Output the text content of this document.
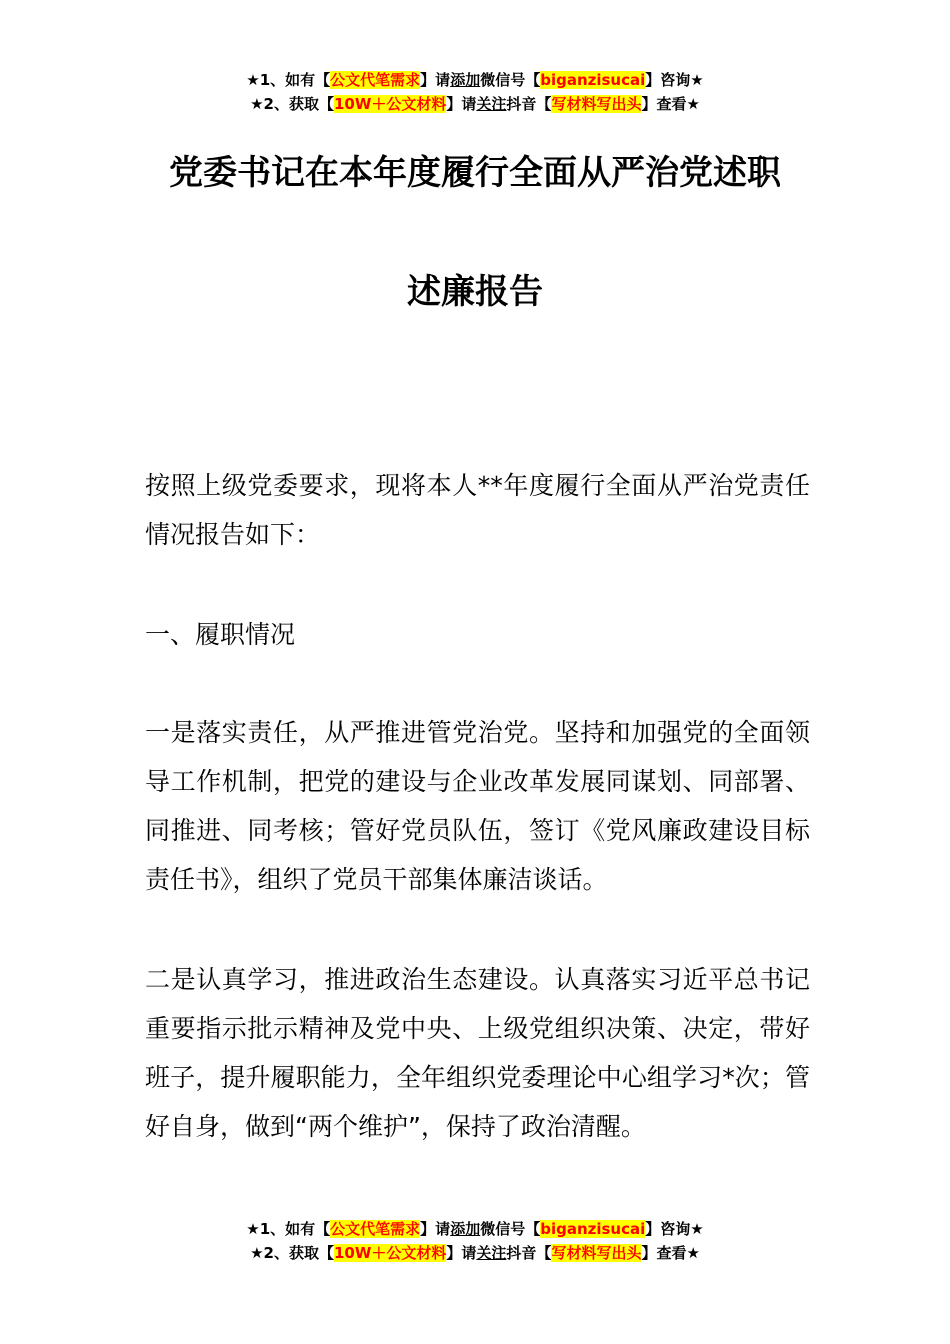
★1、如有【公文代笔需求】请添加微信号【biganzisucai】咨询★
★2、获取【10W＋公文材料】请关注抖音【写材料写出头】查看★
党委书记在本年度履行全面从严治党述职
述廉报告

按照上级党委要求，现将本人**年度履行全面从严治党责任情况报告如下：

一、履职情况

一是落实责任，从严推进管党治党。坚持和加强党的全面领导工作机制，把党的建设与企业改革发展同谋划、同部署、同推进、同考核；管好党员队伍，签订《党风廉政建设目标责任书》，组织了党员干部集体廉洁谈话。

二是认真学习，推进政治生态建设。认真落实习近平总书记重要指示批示精神及党中央、上级党组织决策、决定，带好班子，提升履职能力，全年组织党委理论中心组学习*次；管好自身，做到“两个维护”，保持了政治清醒。

★1、如有【公文代笔需求】请添加微信号【biganzisucai】咨询★
★2、获取【10W＋公文材料】请关注抖音【写材料写出头】查看★
